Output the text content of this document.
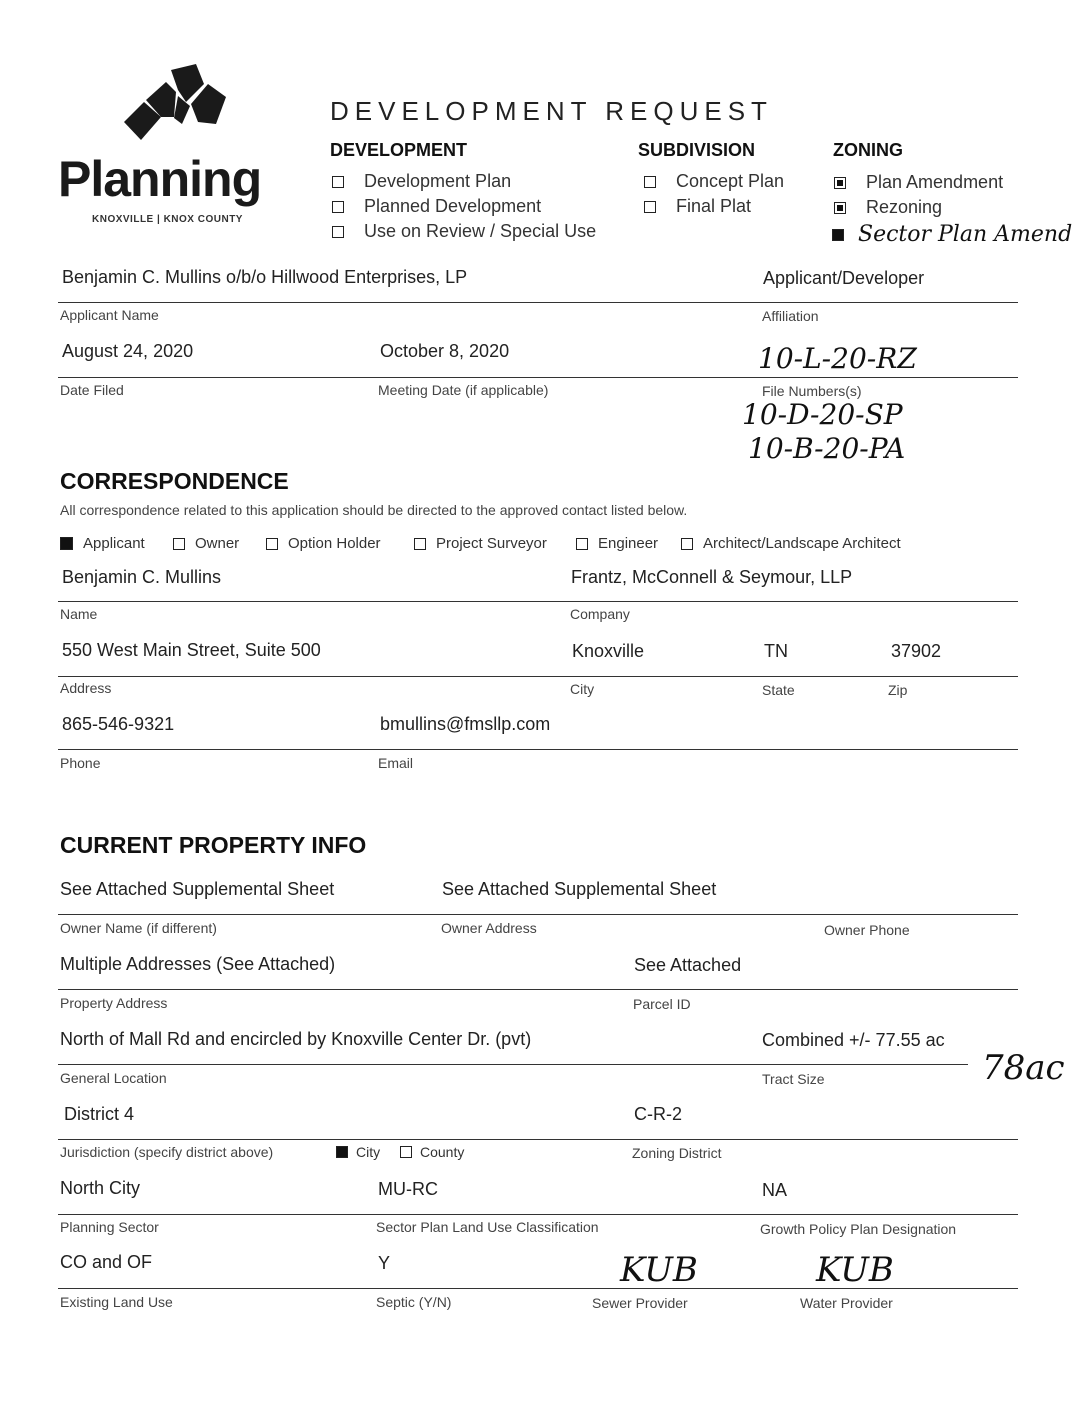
Planning
KNOXVILLE | KNOX COUNTY
DEVELOPMENT REQUEST
DEVELOPMENT
Development Plan
Planned Development
Use on Review / Special Use
SUBDIVISION
Concept Plan
Final Plat
ZONING
Plan Amendment
Rezoning
Sector Plan Amend
Benjamin C. Mullins o/b/o Hillwood Enterprises, LP	Applicant/Developer
Applicant Name	Affiliation
August 24, 2020	October 8, 2020	10-L-20-RZ
Date Filed	Meeting Date (if applicable)	File Numbers(s)
10-D-20-SP
10-B-20-PA
CORRESPONDENCE
All correspondence related to this application should be directed to the approved contact listed below.
Applicant	Owner	Option Holder	Project Surveyor	Engineer	Architect/Landscape Architect
Benjamin C. Mullins	Frantz, McConnell & Seymour, LLP
Name	Company
550 West Main Street, Suite 500	Knoxville	TN	37902
Address	City	State	Zip
865-546-9321	bmullins@fmsllp.com
Phone	Email
CURRENT PROPERTY INFO
See Attached Supplemental Sheet	See Attached Supplemental Sheet
Owner Name (if different)	Owner Address	Owner Phone
Multiple Addresses (See Attached)	See Attached
Property Address	Parcel ID
North of Mall Rd and encircled by Knoxville Center Dr. (pvt)	Combined +/- 77.55 ac
General Location	Tract Size	78ac
District 4	C-R-2
Jurisdiction (specify district above)	City	County	Zoning District
North City	MU-RC	NA
Planning Sector	Sector Plan Land Use Classification	Growth Policy Plan Designation
CO and OF	Y	KUB	KUB
Existing Land Use	Septic (Y/N)	Sewer Provider	Water Provider
